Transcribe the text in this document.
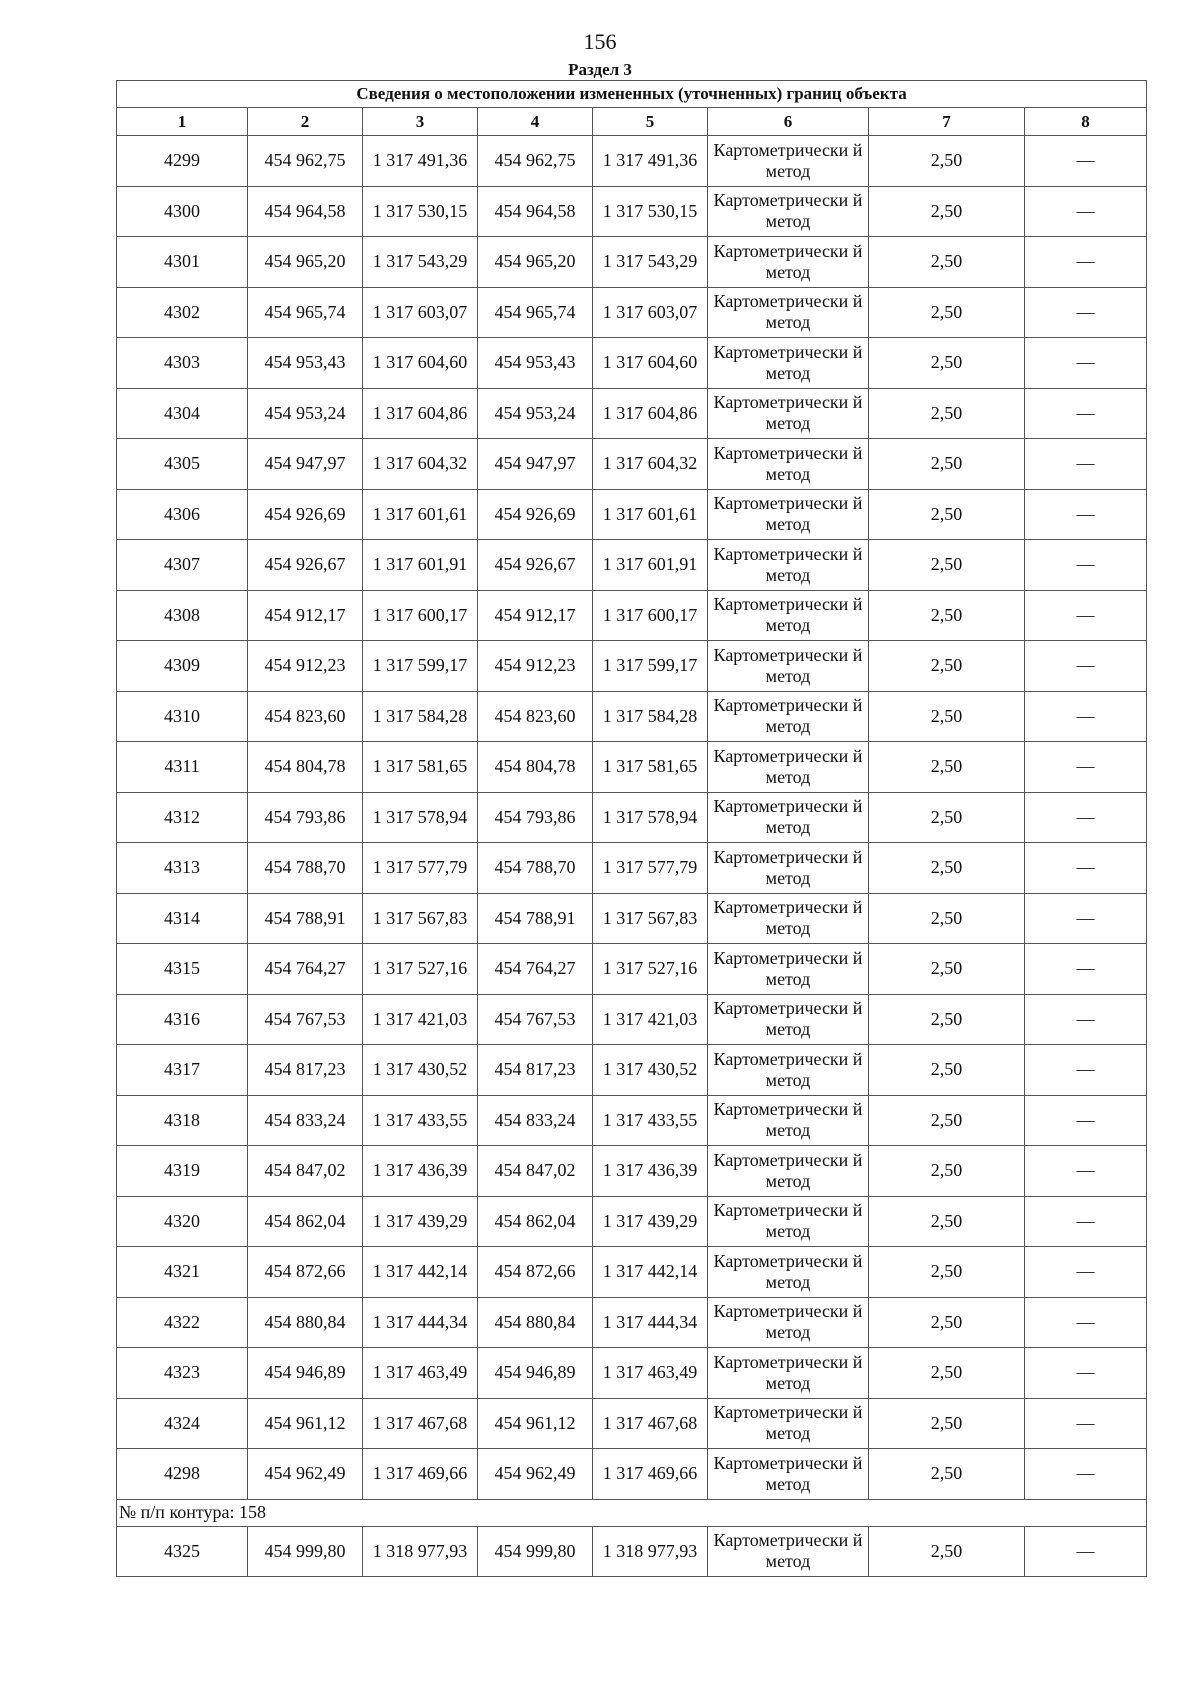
156
Раздел 3
Сведения о местоположении измененных (уточненных) границ объекта							
1	2	3	4	5	6	7	8
4299	454 962,75	1 317 491,36	454 962,75	1 317 491,36	Картометрически й метод	2,50	—
4300	454 964,58	1 317 530,15	454 964,58	1 317 530,15	Картометрически й метод	2,50	—
4301	454 965,20	1 317 543,29	454 965,20	1 317 543,29	Картометрически й метод	2,50	—
4302	454 965,74	1 317 603,07	454 965,74	1 317 603,07	Картометрически й метод	2,50	—
4303	454 953,43	1 317 604,60	454 953,43	1 317 604,60	Картометрически й метод	2,50	—
4304	454 953,24	1 317 604,86	454 953,24	1 317 604,86	Картометрически й метод	2,50	—
4305	454 947,97	1 317 604,32	454 947,97	1 317 604,32	Картометрически й метод	2,50	—
4306	454 926,69	1 317 601,61	454 926,69	1 317 601,61	Картометрически й метод	2,50	—
4307	454 926,67	1 317 601,91	454 926,67	1 317 601,91	Картометрически й метод	2,50	—
4308	454 912,17	1 317 600,17	454 912,17	1 317 600,17	Картометрически й метод	2,50	—
4309	454 912,23	1 317 599,17	454 912,23	1 317 599,17	Картометрически й метод	2,50	—
4310	454 823,60	1 317 584,28	454 823,60	1 317 584,28	Картометрически й метод	2,50	—
4311	454 804,78	1 317 581,65	454 804,78	1 317 581,65	Картометрически й метод	2,50	—
4312	454 793,86	1 317 578,94	454 793,86	1 317 578,94	Картометрически й метод	2,50	—
4313	454 788,70	1 317 577,79	454 788,70	1 317 577,79	Картометрически й метод	2,50	—
4314	454 788,91	1 317 567,83	454 788,91	1 317 567,83	Картометрически й метод	2,50	—
4315	454 764,27	1 317 527,16	454 764,27	1 317 527,16	Картометрически й метод	2,50	—
4316	454 767,53	1 317 421,03	454 767,53	1 317 421,03	Картометрически й метод	2,50	—
4317	454 817,23	1 317 430,52	454 817,23	1 317 430,52	Картометрически й метод	2,50	—
4318	454 833,24	1 317 433,55	454 833,24	1 317 433,55	Картометрически й метод	2,50	—
4319	454 847,02	1 317 436,39	454 847,02	1 317 436,39	Картометрически й метод	2,50	—
4320	454 862,04	1 317 439,29	454 862,04	1 317 439,29	Картометрически й метод	2,50	—
4321	454 872,66	1 317 442,14	454 872,66	1 317 442,14	Картометрически й метод	2,50	—
4322	454 880,84	1 317 444,34	454 880,84	1 317 444,34	Картометрически й метод	2,50	—
4323	454 946,89	1 317 463,49	454 946,89	1 317 463,49	Картометрически й метод	2,50	—
4324	454 961,12	1 317 467,68	454 961,12	1 317 467,68	Картометрически й метод	2,50	—
4298	454 962,49	1 317 469,66	454 962,49	1 317 469,66	Картометрически й метод	2,50	—
№ п/п контура: 158							
4325	454 999,80	1 318 977,93	454 999,80	1 318 977,93	Картометрически й метод	2,50	—
